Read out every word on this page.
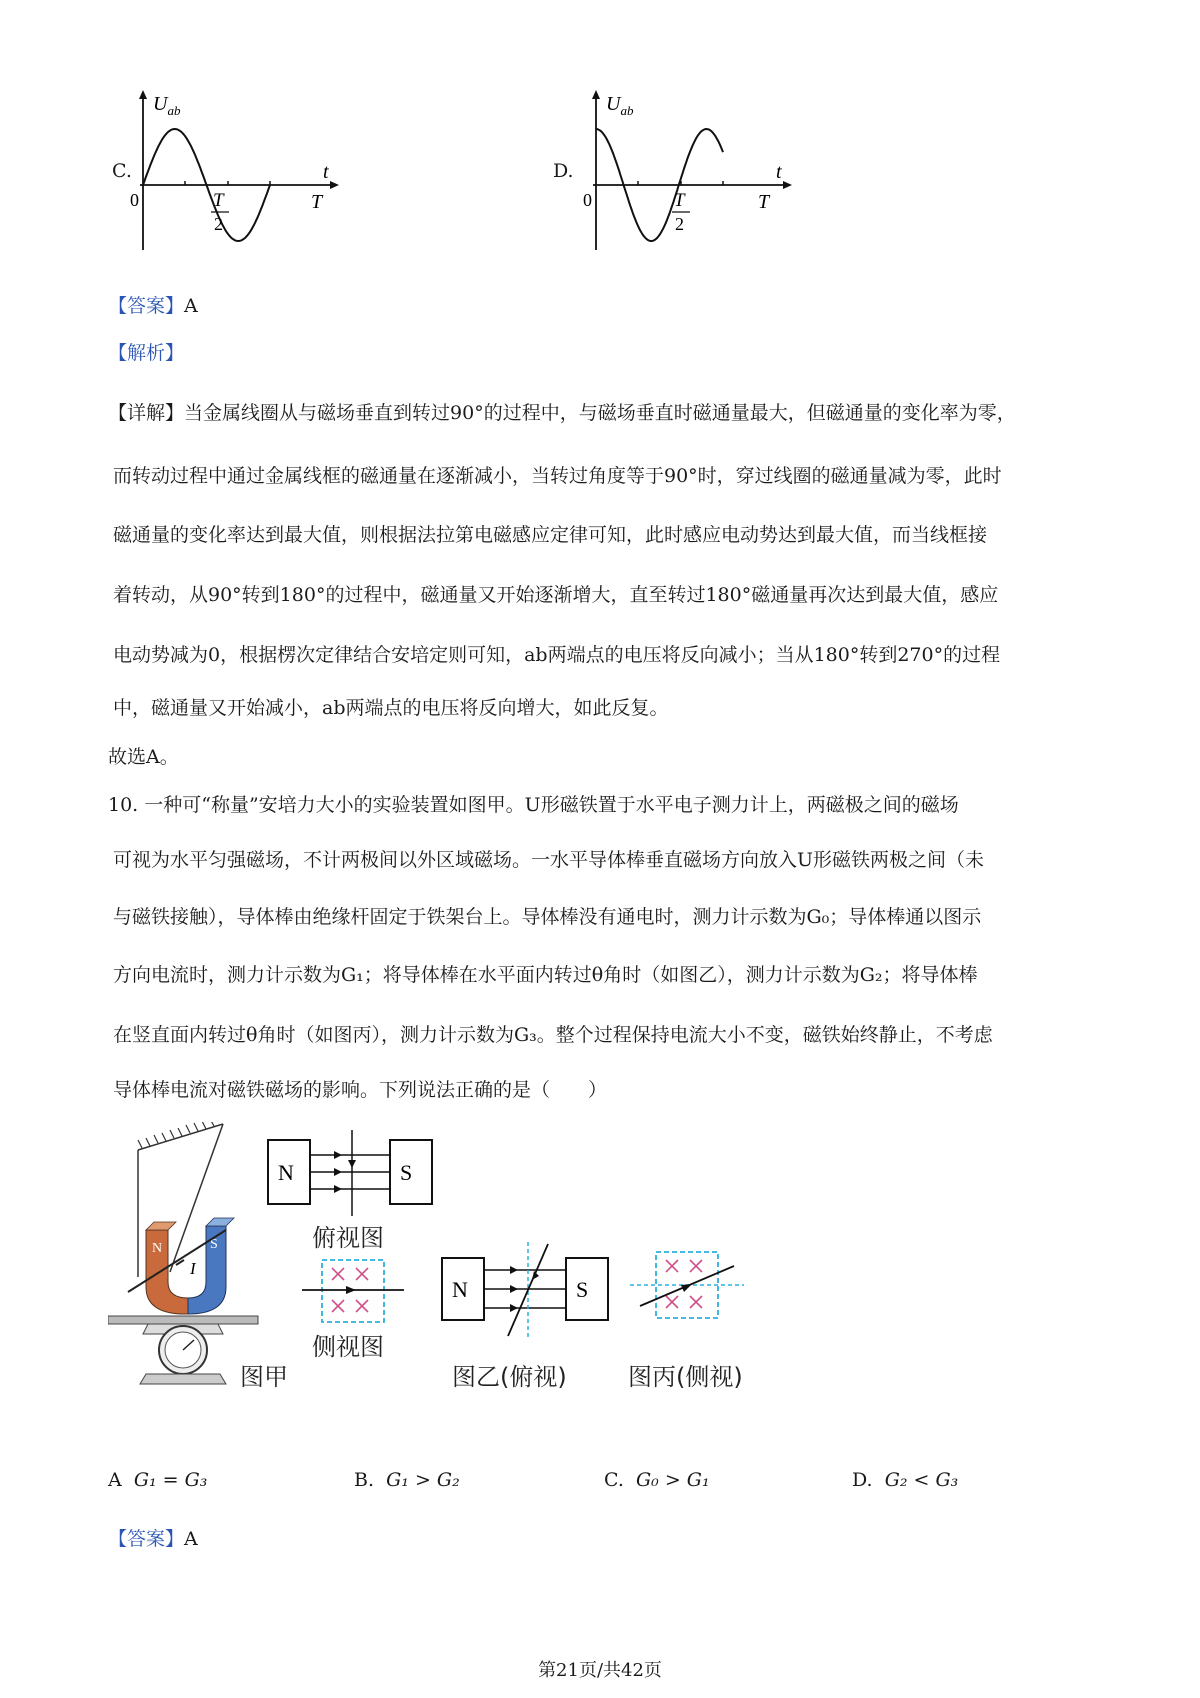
C.
$U_{ab}$
t
0	T
2
T
D.
$U_{ab}$
t
0	T
2
T
【答案】A
【解析】
【详解】当金属线圈从与磁场垂直到转过90°的过程中，与磁场垂直时磁通量最大，但磁通量的变化率为零，
而转动过程中通过金属线框的磁通量在逐渐减小，当转过角度等于90°时，穿过线圈的磁通量减为零，此时
磁通量的变化率达到最大值，则根据法拉第电磁感应定律可知，此时感应电动势达到最大值，而当线框接
着转动，从90°转到180°的过程中，磁通量又开始逐渐增大，直至转过180°磁通量再次达到最大值，感应
电动势减为0，根据楞次定律结合安培定则可知，ab两端点的电压将反向减小；当从180°转到270°的过程
中，磁通量又开始减小，ab两端点的电压将反向增大，如此反复。
故选A。
10. 一种可“称量”安培力大小的实验装置如图甲。U形磁铁置于水平电子测力计上，两磁极之间的磁场
可视为水平匀强磁场，不计两极间以外区域磁场。一水平导体棒垂直磁场方向放入U形磁铁两极之间（未
与磁铁接触），导体棒由绝缘杆固定于铁架台上。导体棒没有通电时，测力计示数为G₀；导体棒通以图示
方向电流时，测力计示数为G₁；将导体棒在水平面内转过θ角时（如图乙），测力计示数为G₂；将导体棒
在竖直面内转过θ角时（如图丙），测力计示数为G₃。整个过程保持电流大小不变，磁铁始终静止，不考虑
导体棒电流对磁铁磁场的影响。下列说法正确的是（　　）
N	S
I
N	S
俯视图
侧视图
N	S
图乙(俯视)	图丙(侧视)
图甲
A G₁ = G₃	B. G₁ > G₂	C. G₀ > G₁	D. G₂ < G₃
【答案】A
第21页/共42页
